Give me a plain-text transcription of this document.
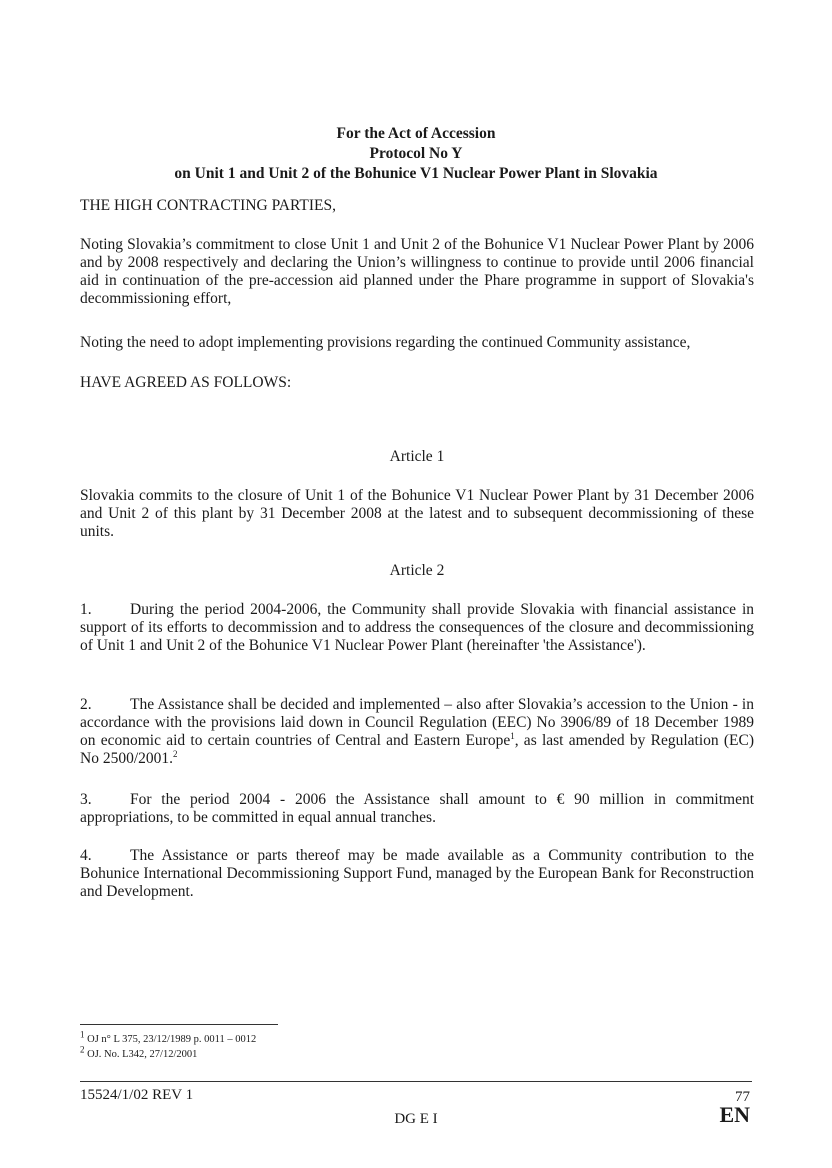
For the Act of Accession
Protocol No Y
on Unit 1 and Unit 2 of the Bohunice V1 Nuclear Power Plant in Slovakia
THE HIGH CONTRACTING PARTIES,
Noting Slovakia’s commitment to close Unit 1 and Unit 2 of the Bohunice V1 Nuclear Power Plant by 2006 and by 2008 respectively and declaring the Union’s willingness to continue to provide until 2006 financial aid in continuation of the pre-accession aid planned under the Phare programme in support of Slovakia's decommissioning effort,
Noting the need to adopt implementing provisions regarding the continued Community assistance,
HAVE AGREED AS FOLLOWS:
Article 1
Slovakia commits to the closure of Unit 1 of the Bohunice V1 Nuclear Power Plant by 31 December 2006 and Unit 2 of this plant by 31 December 2008 at the latest and to subsequent decommissioning of these units.
Article 2
1. During the period 2004-2006, the Community shall provide Slovakia with financial assistance in support of its efforts to decommission and to address the consequences of the closure and decommissioning of Unit 1 and Unit 2 of the Bohunice V1 Nuclear Power Plant (hereinafter 'the Assistance').
2. The Assistance shall be decided and implemented – also after Slovakia’s accession to the Union - in accordance with the provisions laid down in Council Regulation (EEC) No 3906/89 of 18 December 1989 on economic aid to certain countries of Central and Eastern Europe$^1$, as last amended by Regulation (EC) No 2500/2001.$^2$
3. For the period 2004 - 2006 the Assistance shall amount to € 90 million in commitment appropriations, to be committed in equal annual tranches.
4. The Assistance or parts thereof may be made available as a Community contribution to the Bohunice International Decommissioning Support Fund, managed by the European Bank for Reconstruction and Development.
$^1$ OJ n° L 375, 23/12/1989 p. 0011 – 0012
$^2$ OJ. No. L342, 27/12/2001
15524/1/02 REV 1	77
DG E I	EN
